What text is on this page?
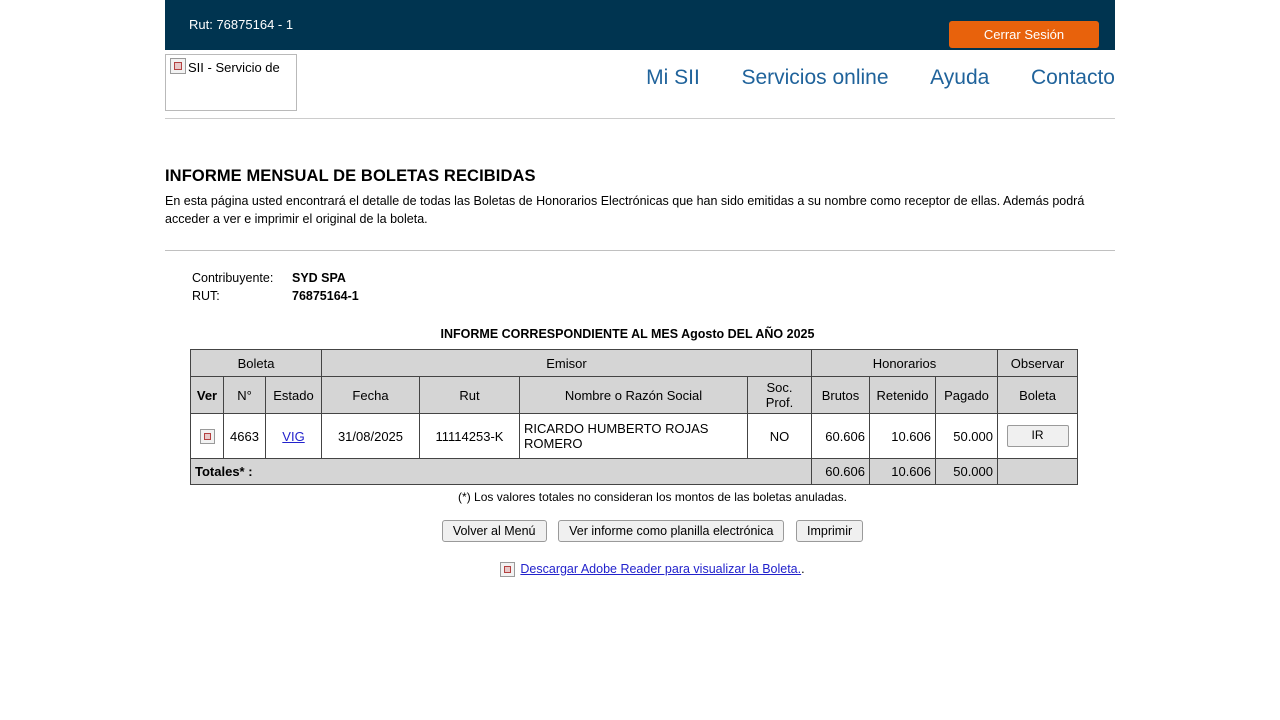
Rut: 76875164 - 1
Cerrar Sesión
SII - Servicio de	Mi SII Servicios online Ayuda Contacto
INFORME MENSUAL DE BOLETAS RECIBIDAS

En esta página usted encontrará el detalle de todas las Boletas de Honorarios Electrónicas que han sido emitidas a su nombre como receptor de ellas. Además podrá acceder a ver e imprimir el original de la boleta.

Contribuyente: SYD SPA
RUT:	76875164-1
INFORME CORRESPONDIENTE AL MES Agosto DEL AÑO 2025
Boleta			Emisor				Honorarios			Observar
Ver	N°	Estado	Fecha	Rut	Nombre o Razón Social	Soc. Prof.	Brutos	Retenido	Pagado	Boleta
	4663	VIG	31/08/2025	11114253-K	RICARDO HUMBERTO ROJAS ROMERO	NO	60.606	10.606	50.000	IR
Totales* :							60.606	10.606	50.000	
(*) Los valores totales no consideran los montos de las boletas anuladas.
Volver al Menú	Ver informe como planilla electrónica	Imprimir
Descargar Adobe Reader para visualizar la Boleta..
